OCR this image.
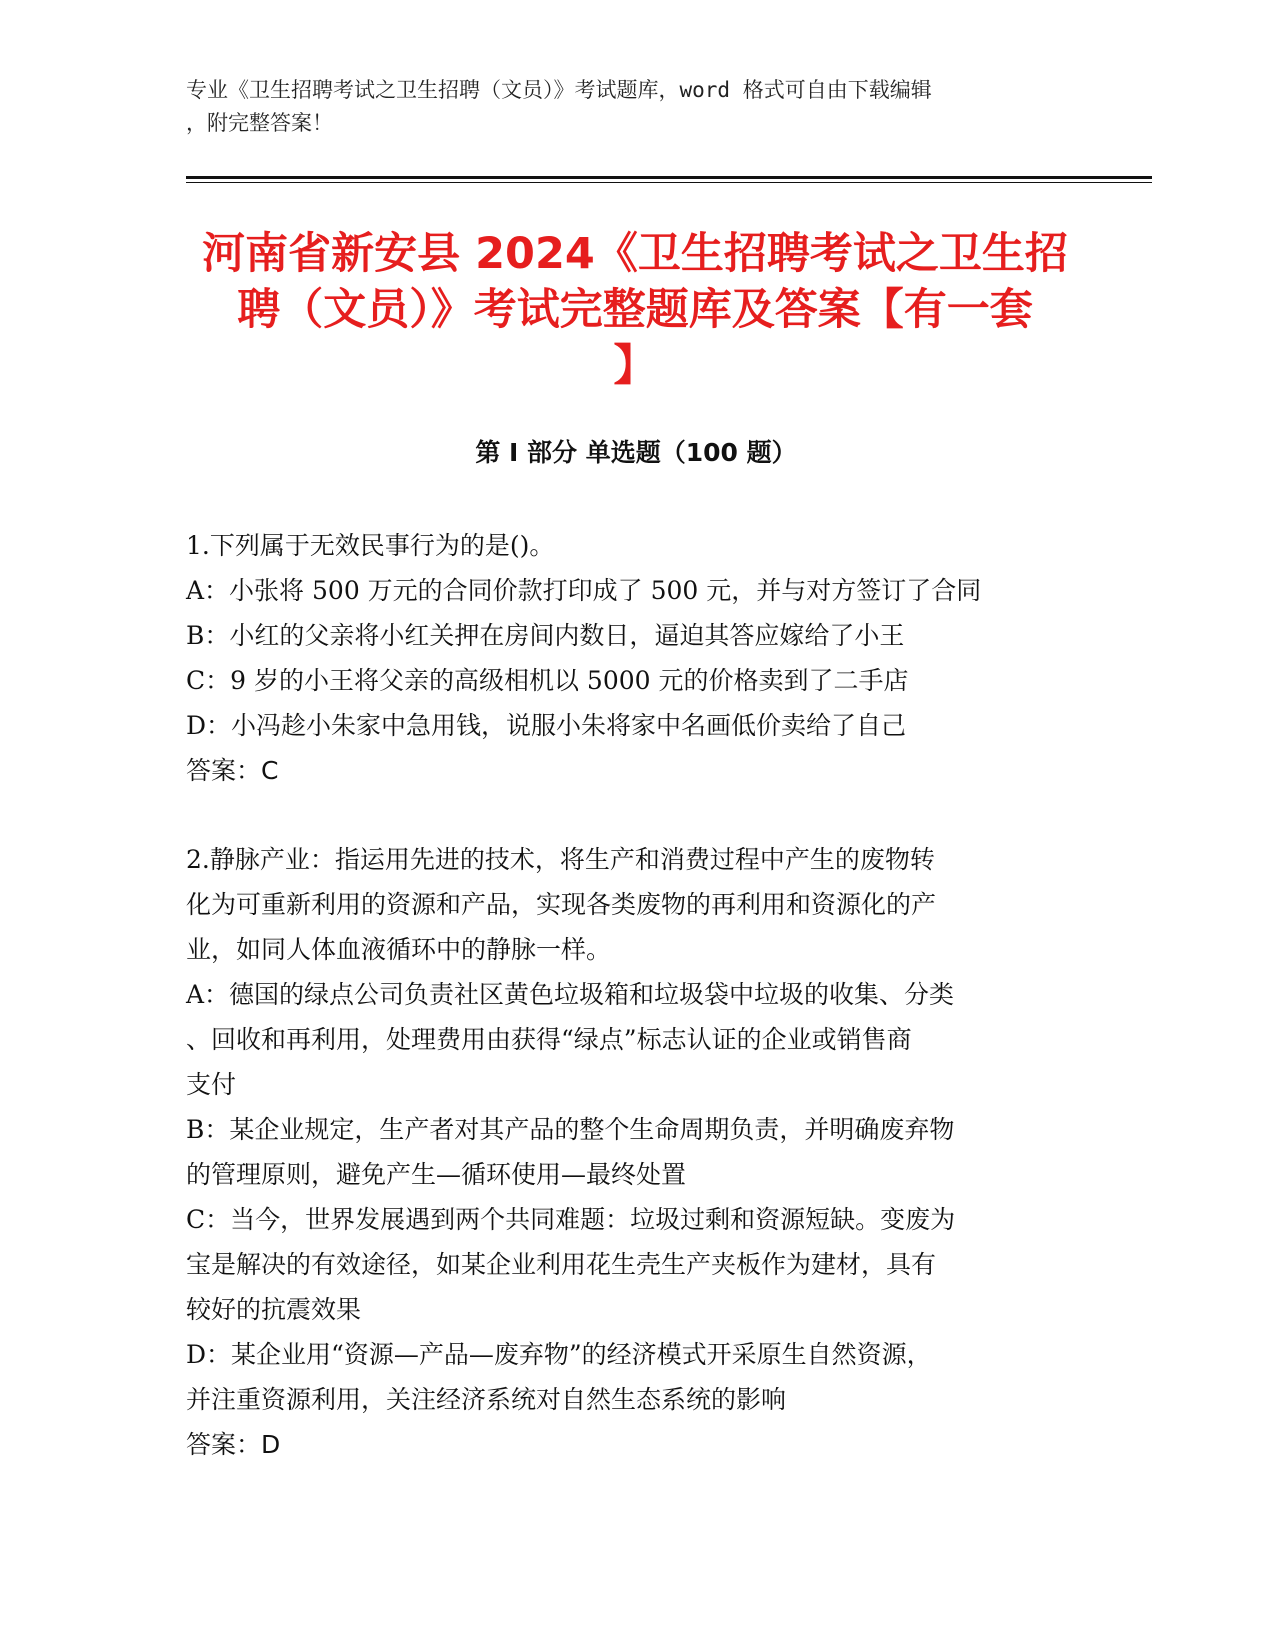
专业《卫生招聘考试之卫生招聘（文员）》考试题库，word 格式可自由下载编辑
，附完整答案！
河南省新安县 2024《卫生招聘考试之卫生招
聘（文员）》考试完整题库及答案【有一套
】
第 I 部分 单选题（100 题）

1.下列属于无效民事行为的是()。

A：小张将 500 万元的合同价款打印成了 500 元，并与对方签订了合同

B：小红的父亲将小红关押在房间内数日，逼迫其答应嫁给了小王

C：9 岁的小王将父亲的高级相机以 5000 元的价格卖到了二手店

D：小冯趁小朱家中急用钱，说服小朱将家中名画低价卖给了自己

答案：C

2.静脉产业：指运用先进的技术，将生产和消费过程中产生的废物转

化为可重新利用的资源和产品，实现各类废物的再利用和资源化的产

业，如同人体血液循环中的静脉一样。

A：德国的绿点公司负责社区黄色垃圾箱和垃圾袋中垃圾的收集、分类

、回收和再利用，处理费用由获得“绿点”标志认证的企业或销售商

支付

B：某企业规定，生产者对其产品的整个生命周期负责，并明确废弃物

的管理原则，避免产生—循环使用—最终处置

C：当今，世界发展遇到两个共同难题：垃圾过剩和资源短缺。变废为

宝是解决的有效途径，如某企业利用花生壳生产夹板作为建材，具有

较好的抗震效果

D：某企业用“资源—产品—废弃物”的经济模式开采原生自然资源，

并注重资源利用，关注经济系统对自然生态系统的影响

答案：D
